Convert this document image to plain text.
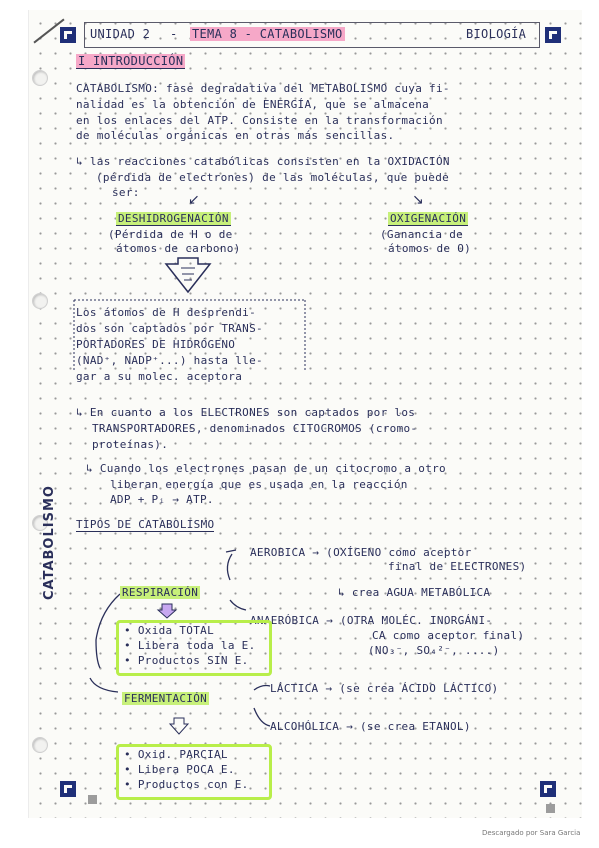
UNIDAD 2 - TEMA 8 - CATABOLISMO	BIOLOGÍA
I INTRODUCCIÓN
CATABOLISMO: fase degradativa del METABOLISMO cuya fi-
nalidad es la obtención de ENERGÍA, que se almacena
en los enlaces del ATP. Consiste en la transformación
de moléculas orgánicas en otras más sencillas.
↳ las reacciones catabólicas consisten en la OXIDACIÓN
(pérdida de electrones) de las moléculas, que puede
ser:	↙	↘
DESHIDROGENACIÓN
(Pérdida de H o de
átomos de carbono)
OXIGENACIÓN
(Ganancia de
átomos de O)
Los átomos de H desprendi-
dos son captados por TRANS-
PORTADORES DE HIDRÓGENO
(NAD⁺, NADP⁺...) hasta lle-
gar a su molec. aceptora
↳ En cuanto a los ELECTRONES son captados por los
TRANSPORTADORES, denominados CITOCROMOS (cromo-
proteínas).
↳ Cuando los electrones pasan de un citocromo a otro
liberan energía que es usada en la reacción
ADP + Pᵢ → ATP.
TIPOS DE CATABOLISMO
CATABOLISMO	AEROBICA → (OXÍGENO como aceptor
final de ELECTRONES)
↳ crea AGUA METABÓLICA
RESPIRACIÓN
ANAERÓBICA → (OTRA MOLÉC. INORGÁNI-
CA como aceptor final)
(NO₃⁻, SO₄²⁻, ....)
• Oxida TOTAL
• Libera toda la E.
• Productos SIN E.
LÁCTICA → (se crea ÁCIDO LÁCTICO)
FERMENTACIÓN
ALCOHÓLICA → (se crea ETANOL)
• Oxid. PARCIAL
• Libera POCA E.
• Productos con E.
Descargado por Sara Garcia
